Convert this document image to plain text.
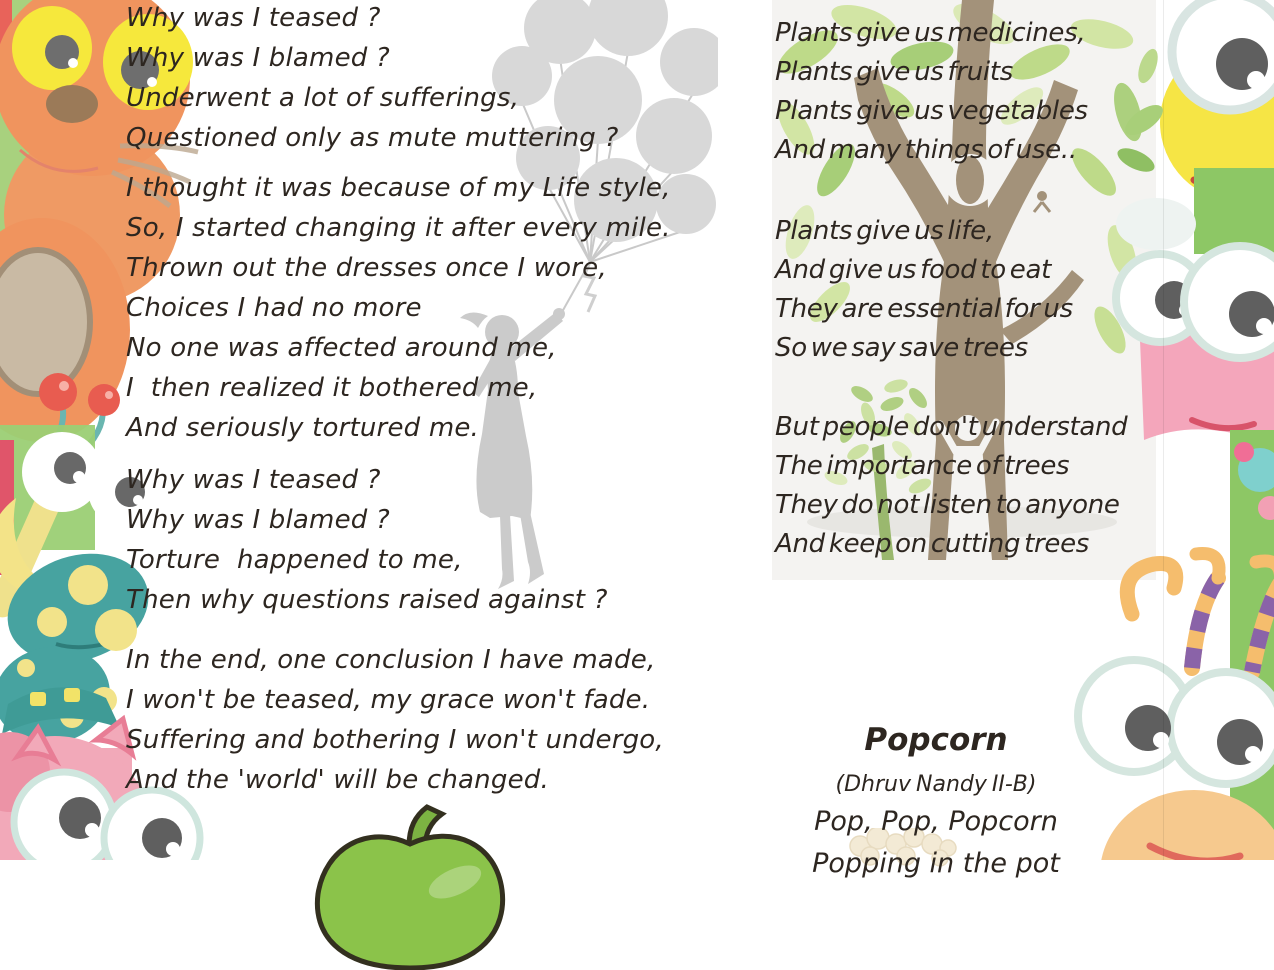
Why was I teased ?
Why was I blamed ?
Underwent a lot of sufferings,
Questioned only as mute muttering ?
I thought it was because of my Life style,
So, I started changing it after every mile.
Thrown out the dresses once I wore,
Choices I had no more
No one was affected around me,
I  then realized it bothered me,
And seriously tortured me.
Why was I teased ?
Why was I blamed ?
Torture  happened to me,
Then why questions raised against ?
In the end, one conclusion I have made,
I won't be teased, my grace won't fade.
Suffering and bothering I won't undergo,
And the 'world' will be changed.
Plants give us medicines,
Plants give us fruits
Plants give us vegetables
And many things of use..
Plants give us life,
And give us food to eat
They are essential for us
So we say save trees
But people don't understand
The importance of trees
They do not listen to anyone
And keep on cutting trees
Popcorn
(Dhruv Nandy II-B)
Pop, Pop, Popcorn
Popping in the pot
